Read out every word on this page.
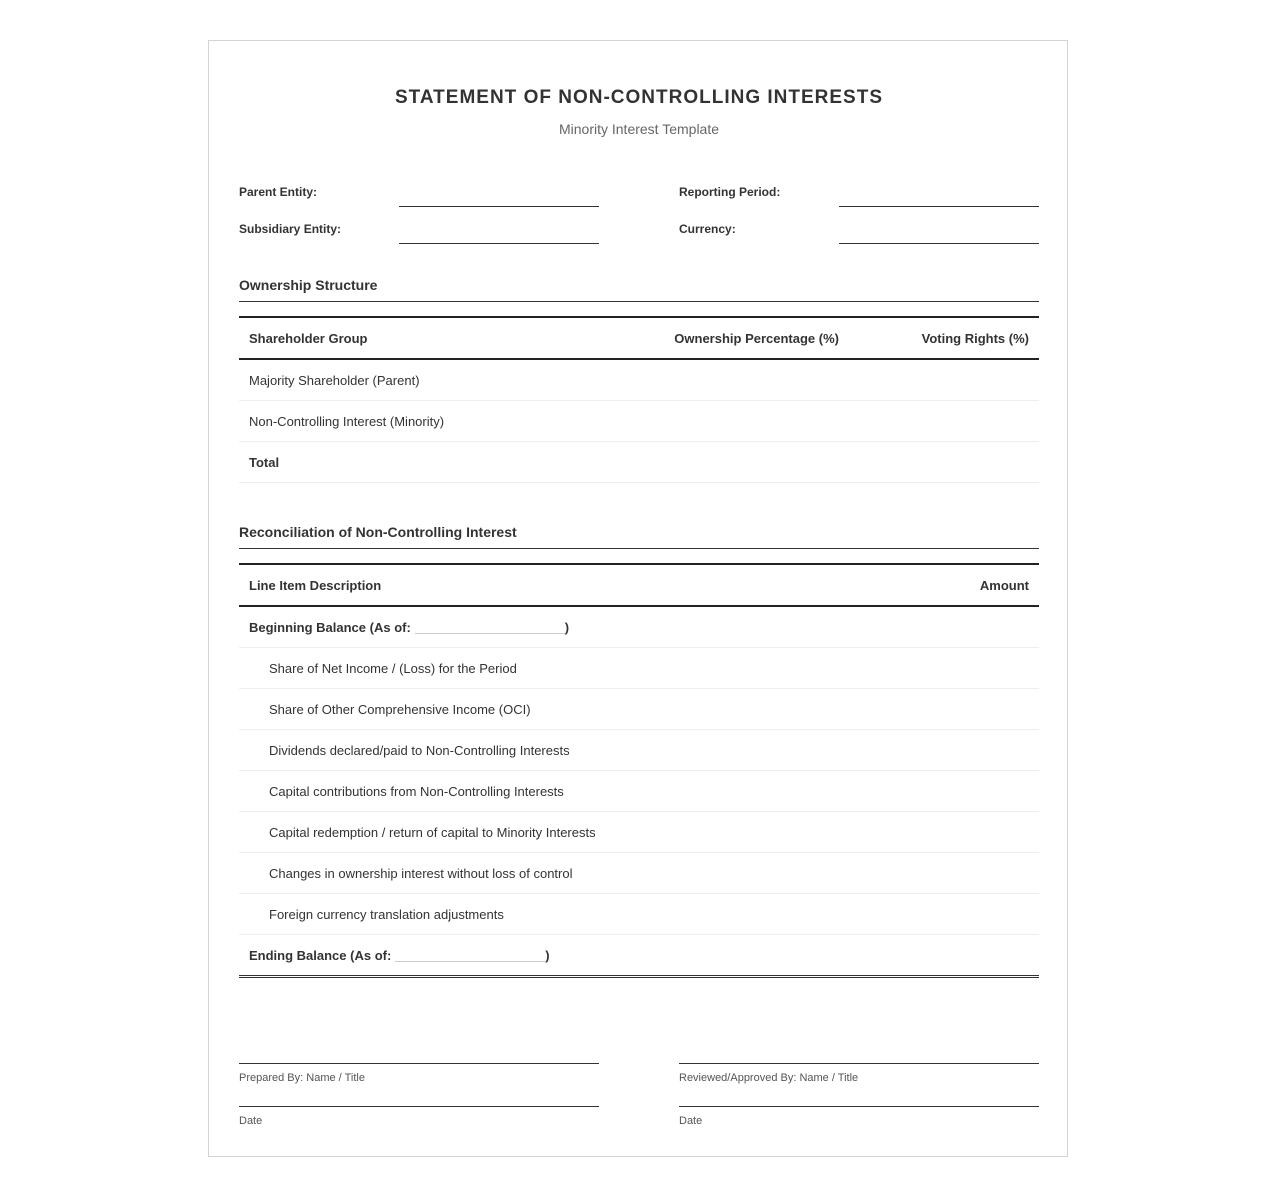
STATEMENT OF NON-CONTROLLING INTERESTS
Minority Interest Template
Parent Entity:	Reporting Period:
Subsidiary Entity:	Currency:
Ownership Structure
Shareholder Group	Ownership Percentage (%)	Voting Rights (%)
Majority Shareholder (Parent)		
Non-Controlling Interest (Minority)		
Total		
Reconciliation of Non-Controlling Interest
Line Item Description	Amount
Beginning Balance (As of: )	
Share of Net Income / (Loss) for the Period	
Share of Other Comprehensive Income (OCI)	
Dividends declared/paid to Non-Controlling Interests	
Capital contributions from Non-Controlling Interests	
Capital redemption / return of capital to Minority Interests	
Changes in ownership interest without loss of control	
Foreign currency translation adjustments	
Ending Balance (As of: )	
Prepared By: Name / Title	Reviewed/Approved By: Name / Title
Date	Date
